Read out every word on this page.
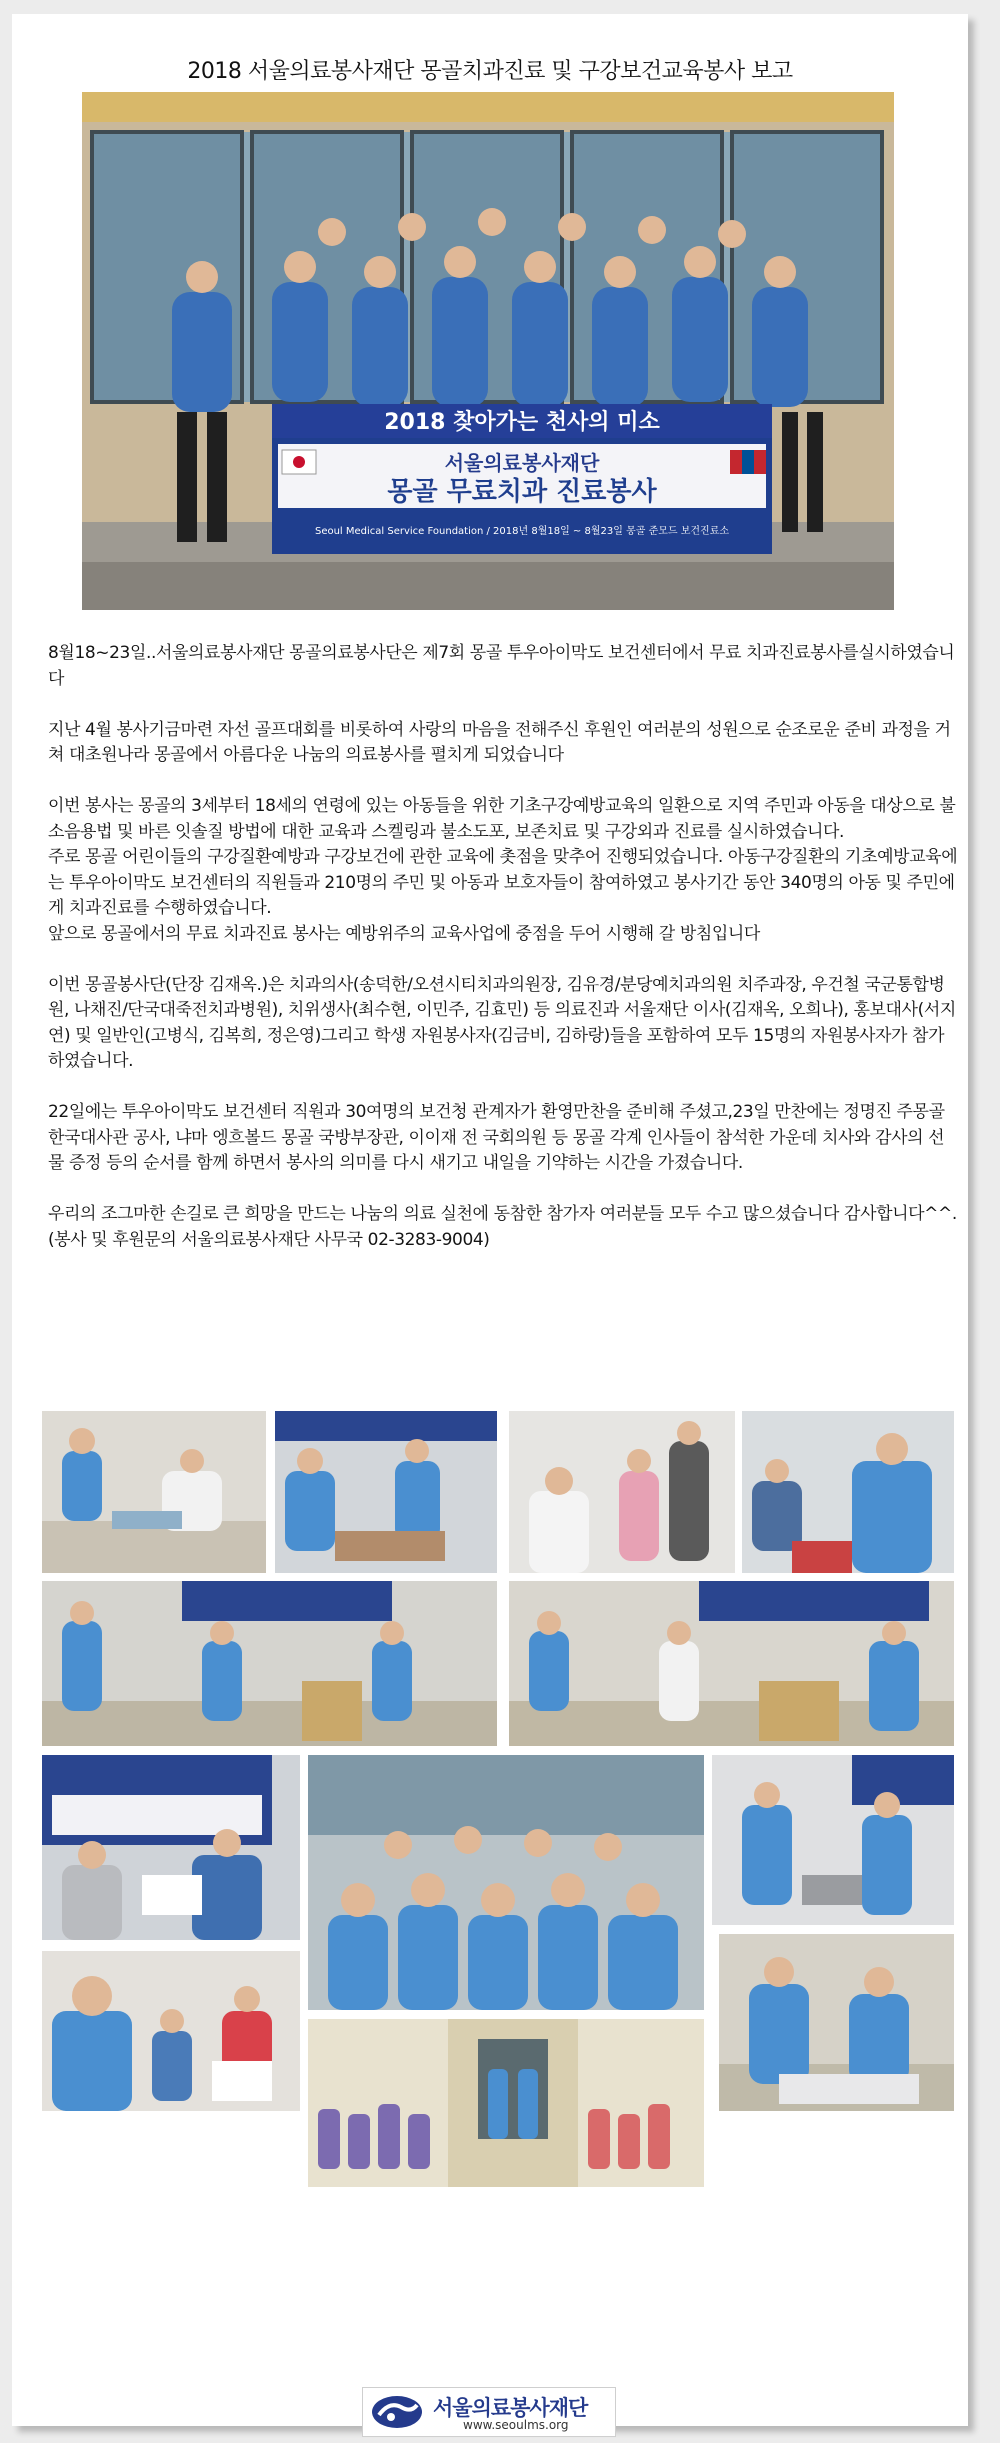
2018 서울의료봉사재단 몽골치과진료 및 구강보건교육봉사 보고
2018 찾아가는 천사의 미소
서울의료봉사재단
몽골 무료치과 진료봉사
Seoul Medical Service Foundation / 2018년 8월18일 ~ 8월23일 몽골 준모드 보건진료소

8월18~23일..서울의료봉사재단 몽골의료봉사단은 제7회 몽골 투우아이막도 보건센터에서 무료 치과진료봉사를실시하였습니다

지난 4월 봉사기금마련 자선 골프대회를 비롯하여 사랑의 마음을 전해주신 후원인 여러분의 성원으로 순조로운 준비 과정을 거쳐 대초원나라 몽골에서 아름다운 나눔의 의료봉사를 펼치게 되었습니다

이번 봉사는 몽골의 3세부터 18세의 연령에 있는 아동들을 위한 기초구강예방교육의 일환으로 지역 주민과 아동을 대상으로 불소음용법 및 바른 잇솔질 방법에 대한 교육과 스켈링과 불소도포, 보존치료 및 구강외과 진료를 실시하였습니다.
주로 몽골 어린이들의 구강질환예방과 구강보건에 관한 교육에 촛점을 맞추어 진행되었습니다. 아동구강질환의 기초예방교육에는 투우아이막도 보건센터의 직원들과 210명의 주민 및 아동과 보호자들이 참여하였고 봉사기간 동안 340명의 아동 및 주민에게 치과진료를 수행하였습니다.
앞으로 몽골에서의 무료 치과진료 봉사는 예방위주의 교육사업에 중점을 두어 시행해 갈 방침입니다

이번 몽골봉사단(단장 김재옥.)은 치과의사(송덕한/오션시티치과의원장, 김유경/분당예치과의원 치주과장, 우건철 국군통합병원, 나채진/단국대죽전치과병원), 치위생사(최수현, 이민주, 김효민) 등 의료진과 서울재단 이사(김재옥, 오희나), 홍보대사(서지연) 및 일반인(고병식, 김복희, 정은영)그리고 학생 자원봉사자(김금비, 김하랑)들을 포함하여 모두 15명의 자원봉사자가 참가하였습니다.

22일에는 투우아이막도 보건센터 직원과 30여명의 보건청 관계자가 환영만찬을 준비해 주셨고,23일 만찬에는 정명진 주몽골 한국대사관 공사, 냐마 엥흐볼드 몽골 국방부장관, 이이재 전 국회의원 등 몽골 각계 인사들이 참석한 가운데 치사와 감사의 선물 증정 등의 순서를 함께 하면서 봉사의 의미를 다시 새기고 내일을 기약하는 시간을 가졌습니다.

우리의 조그마한 손길로 큰 희망을 만드는 나눔의 의료 실천에 동참한 참가자 여러분들 모두 수고 많으셨습니다 감사합니다^^. (봉사 및 후원문의 서울의료봉사재단 사무국 02-3283-9004)

서울의료봉사재단
www.seoulms.org
